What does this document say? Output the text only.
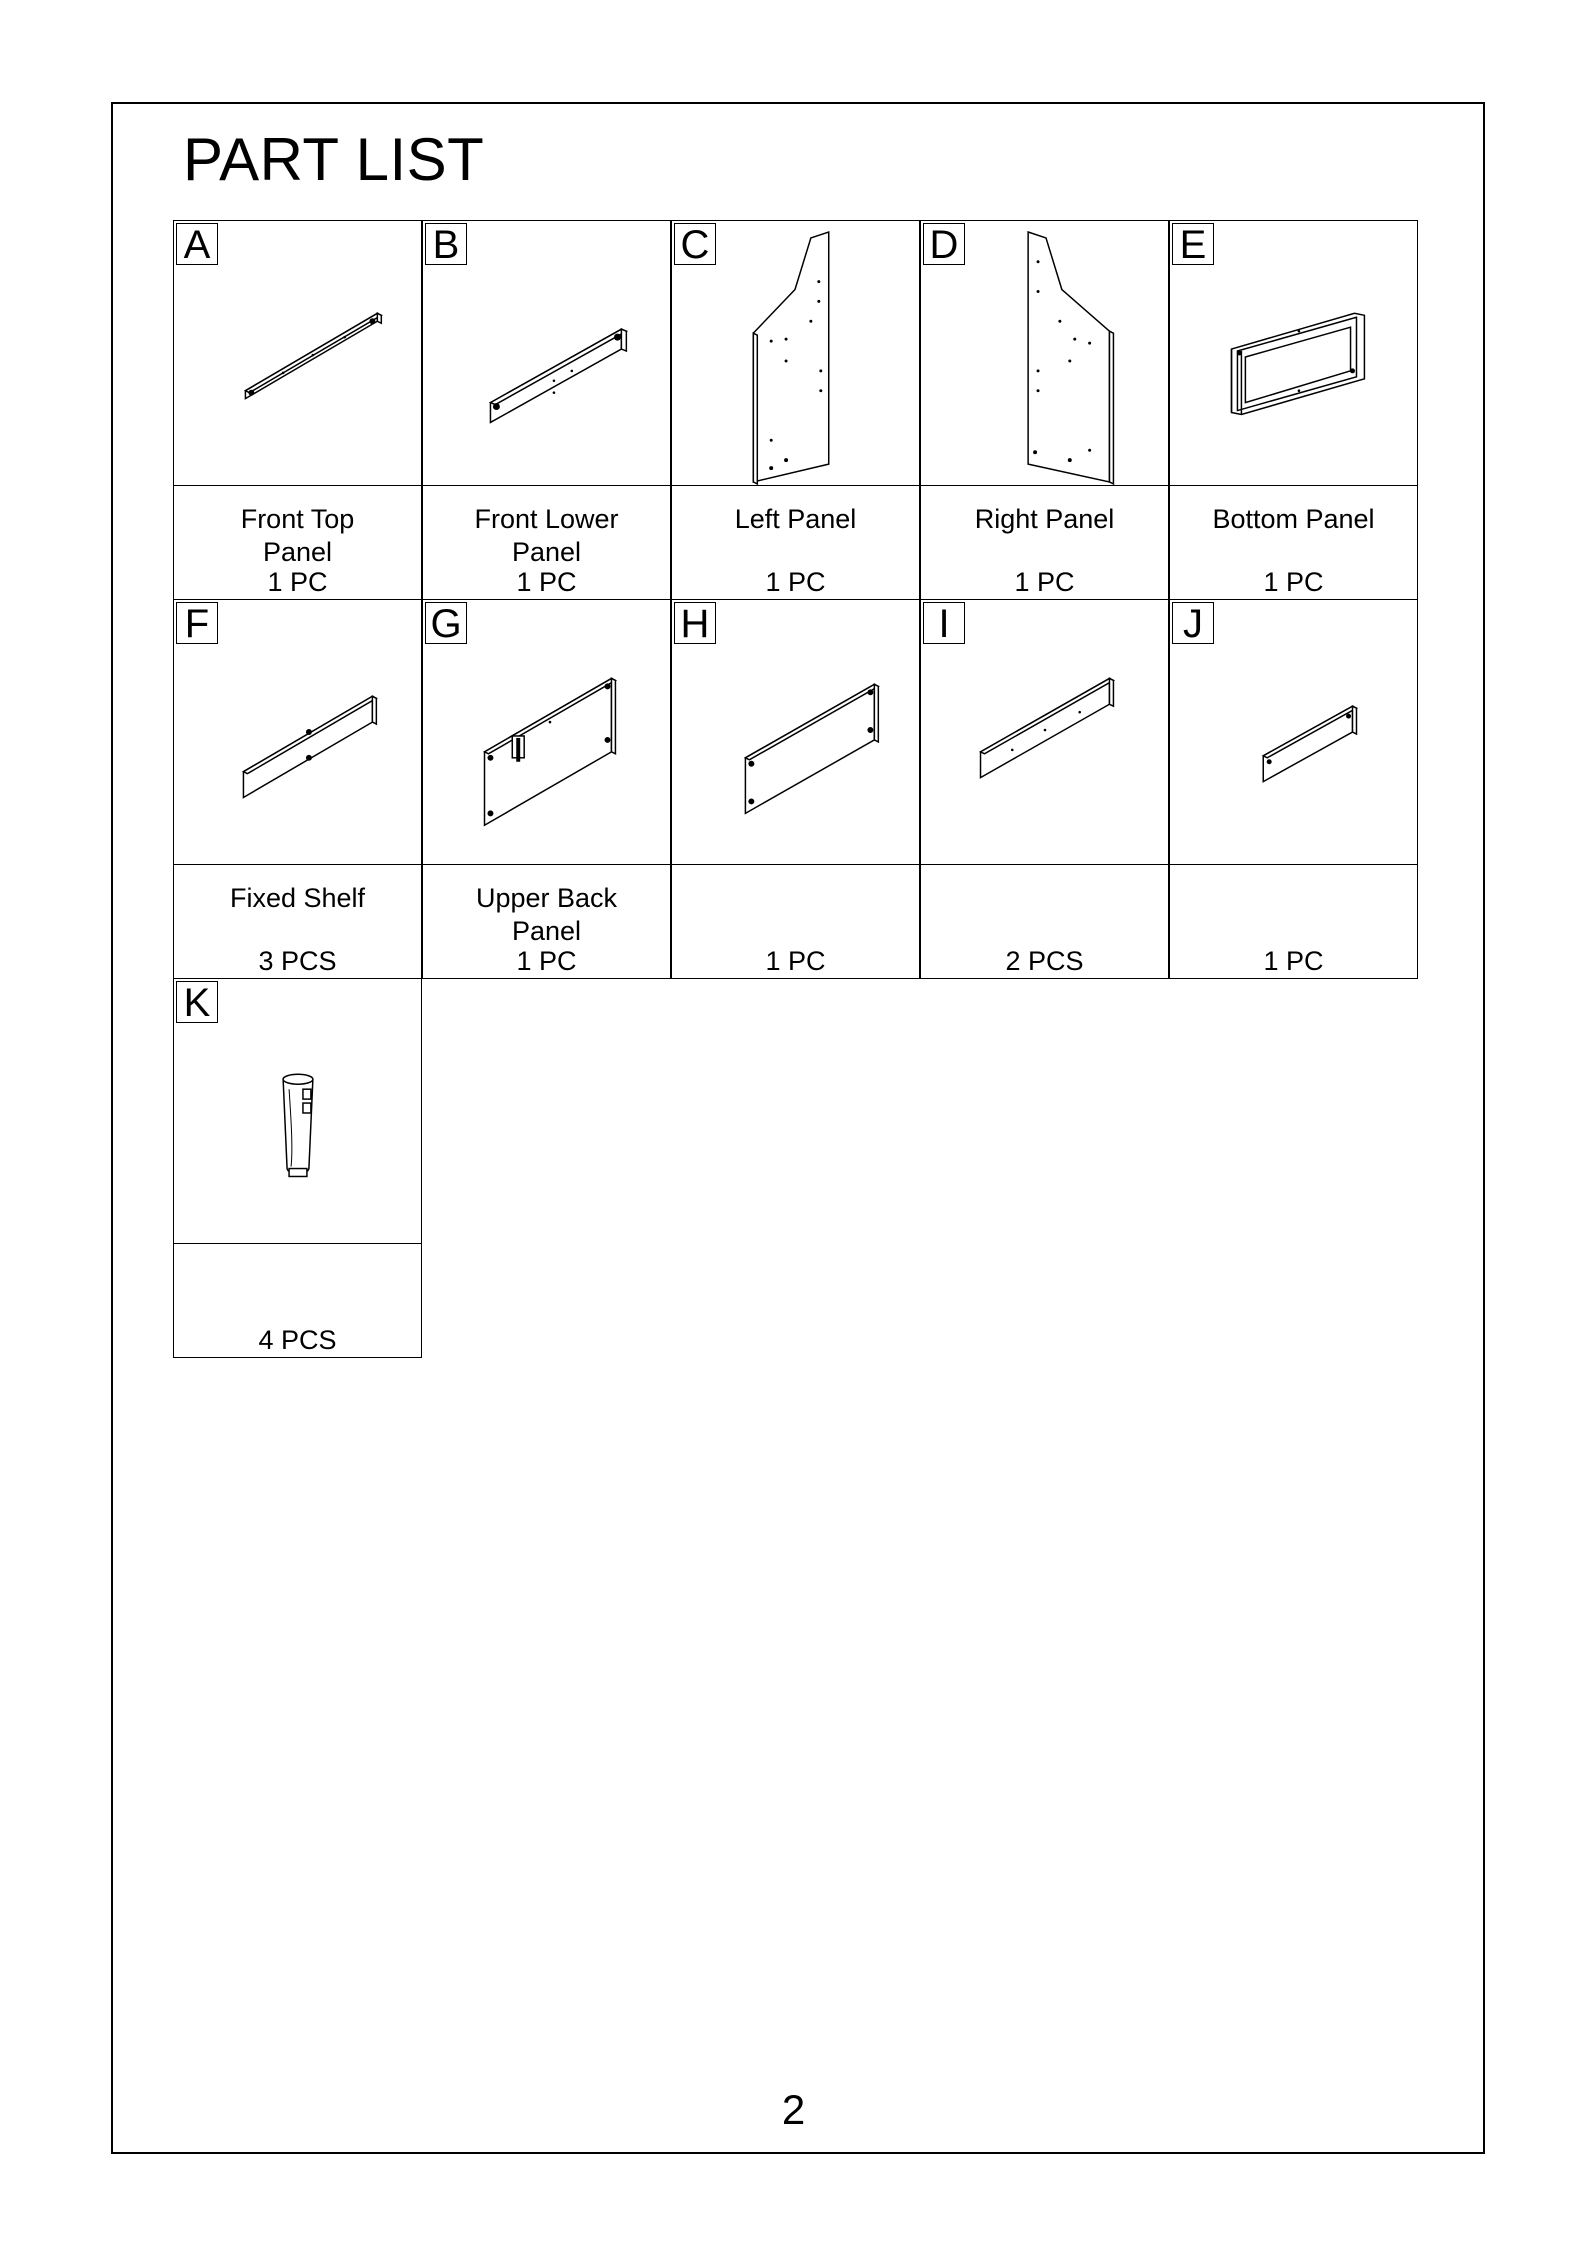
PART LIST
A
Front Top
Panel
1 PC
B
Front Lower
Panel
1 PC
C
Left Panel
1 PC
D
Right Panel
1 PC
E
Bottom Panel
1 PC
F
Fixed Shelf
3 PCS
G
Upper Back
Panel
1 PC
H
1 PC
I
2 PCS
J
1 PC
K
4 PCS
2
